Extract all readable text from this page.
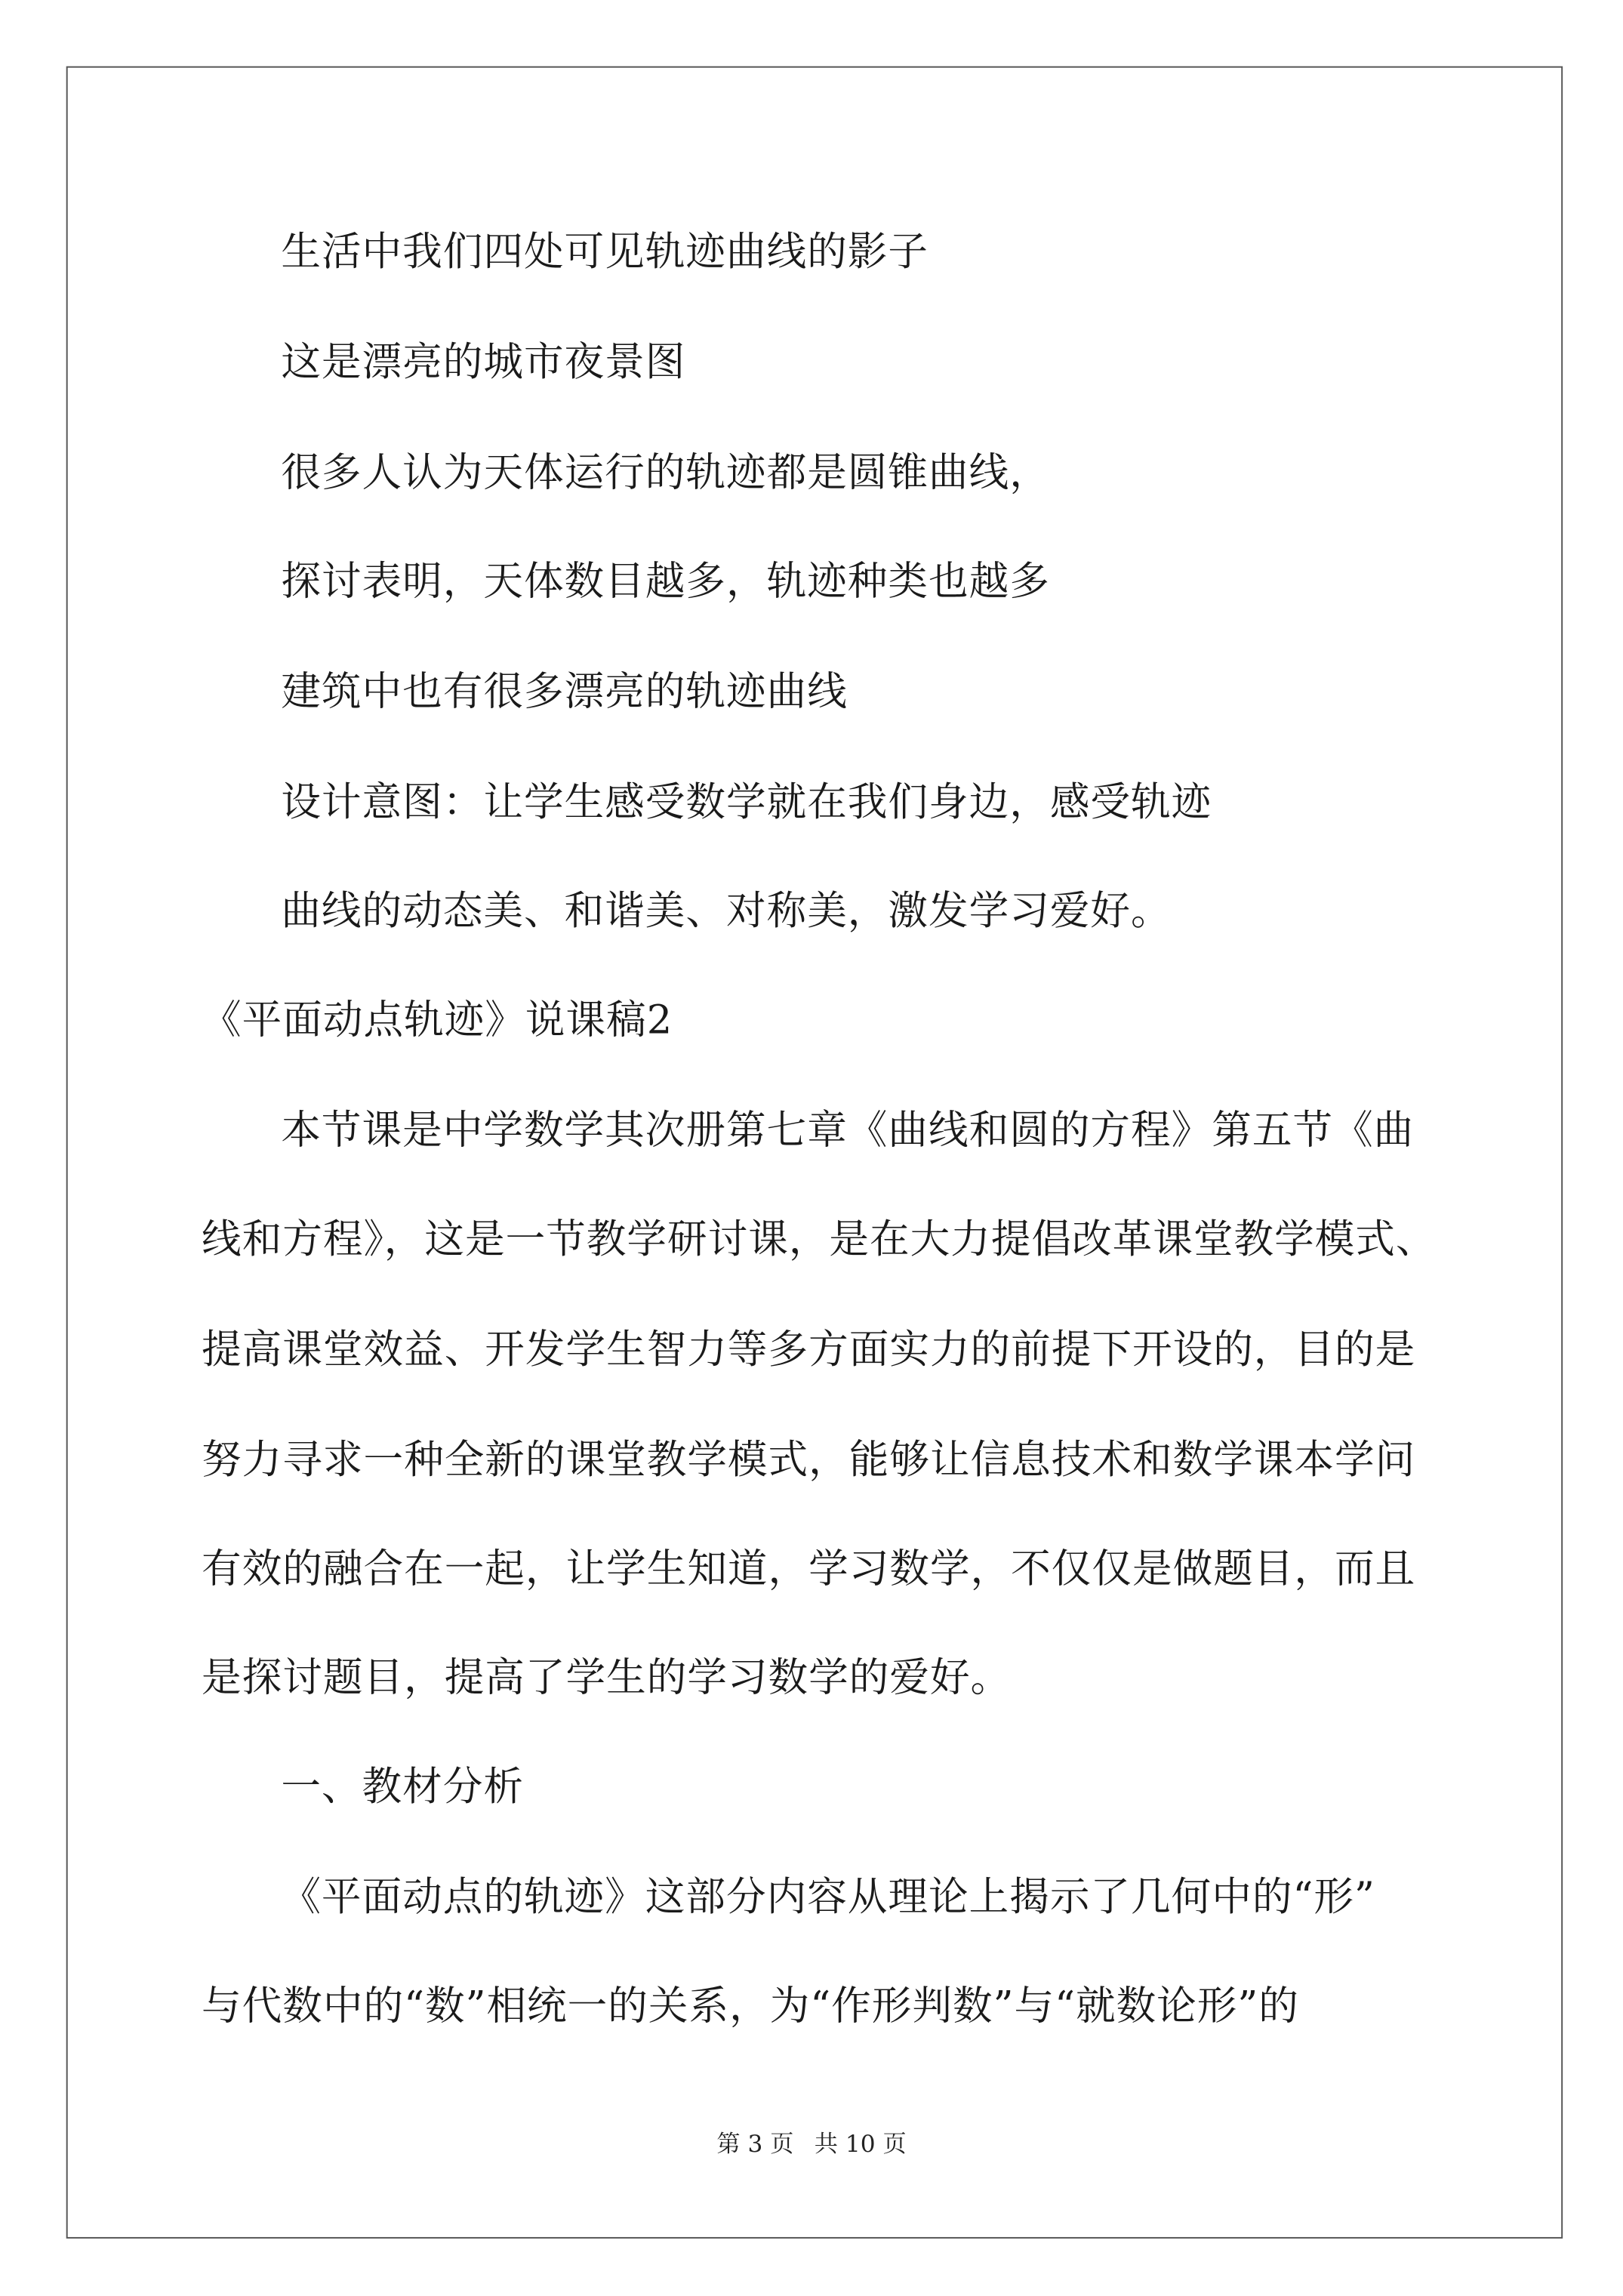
生活中我们四处可见轨迹曲线的影子
这是漂亮的城市夜景图
很多人认为天体运行的轨迹都是圆锥曲线，
探讨表明，天体数目越多，轨迹种类也越多
建筑中也有很多漂亮的轨迹曲线
设计意图：让学生感受数学就在我们身边，感受轨迹
曲线的动态美、和谐美、对称美，激发学习爱好。
《平面动点轨迹》说课稿2
本节课是中学数学其次册第七章《曲线和圆的方程》第五节《曲
线和方程》，这是一节教学研讨课，是在大力提倡改革课堂教学模式、
提高课堂效益、开发学生智力等多方面实力的前提下开设的，目的是
努力寻求一种全新的课堂教学模式，能够让信息技术和数学课本学问
有效的融合在一起，让学生知道，学习数学，不仅仅是做题目，而且
是探讨题目，提高了学生的学习数学的爱好。
一、教材分析
《平面动点的轨迹》这部分内容从理论上揭示了几何中的“形”
与代数中的“数”相统一的关系，为“作形判数”与“就数论形”的
第 3 页 共 10 页
